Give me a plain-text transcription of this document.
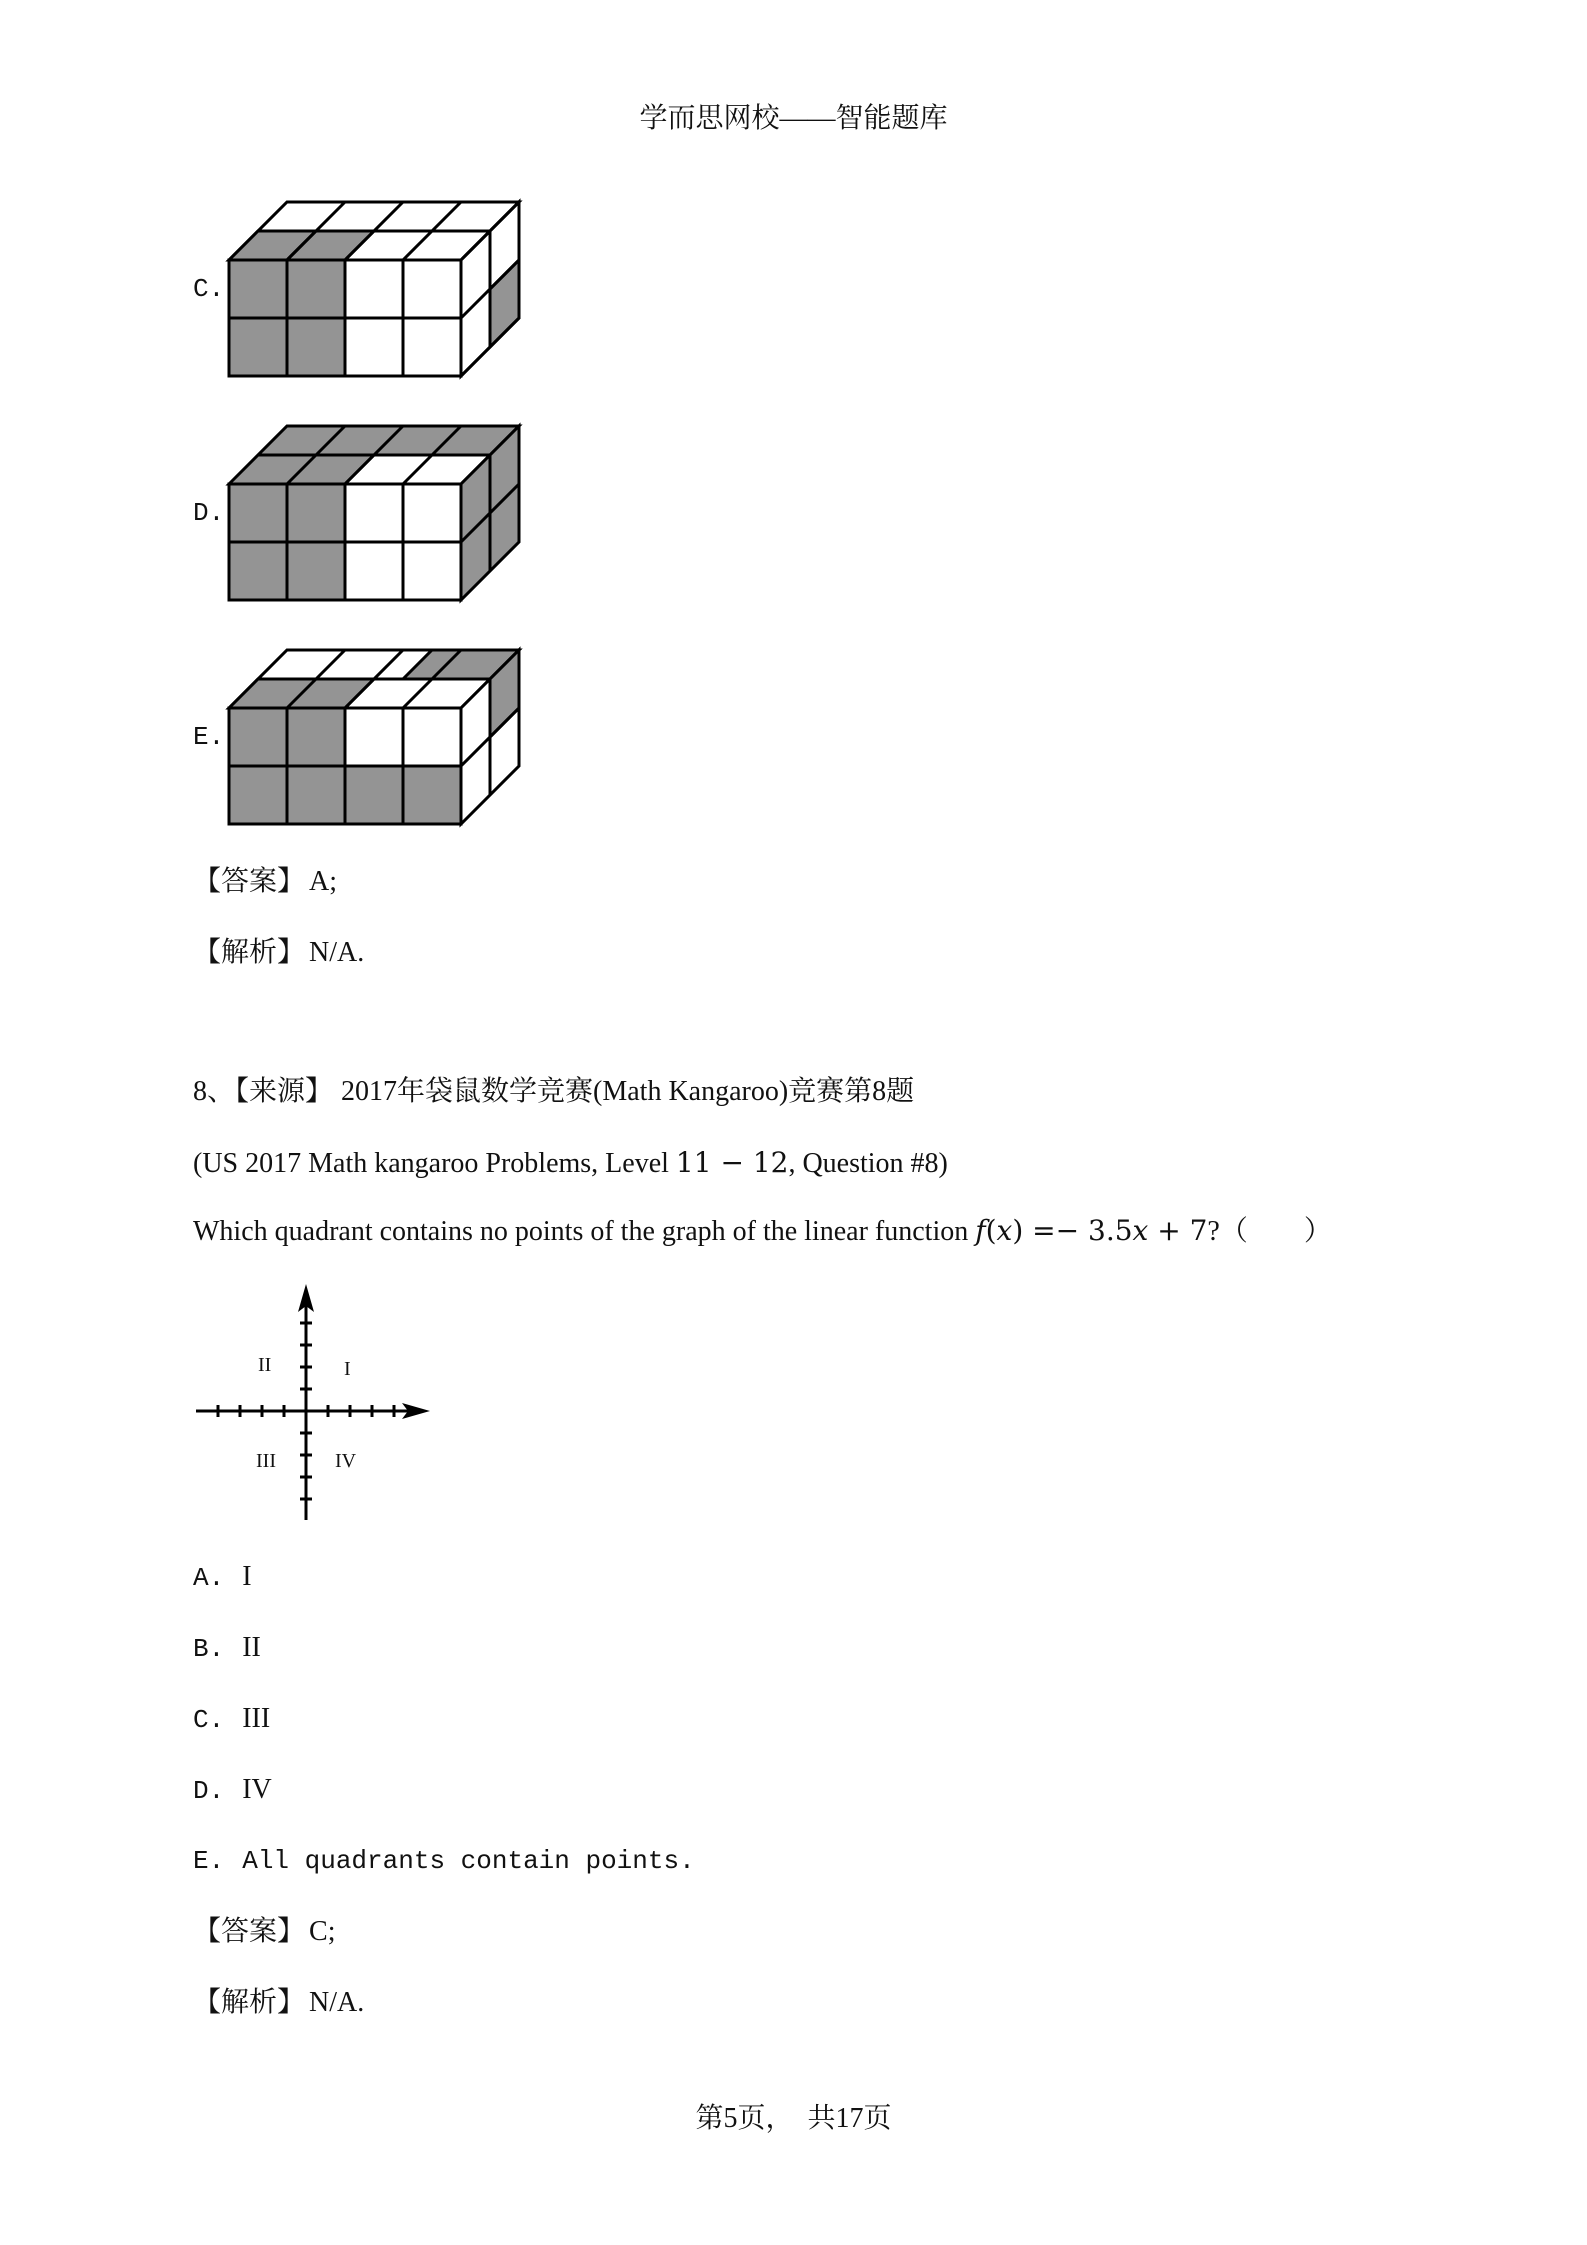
学而思网校——智能题库
C.
D.
E.
【答案】 A;
【解析】 N/A.
8、【来源】 2017年袋鼠数学竞赛(Math Kangaroo)竞赛第8题
(US 2017 Math kangaroo Problems, Level 11 − 12, Question #8)
Which quadrant contains no points of the graph of the linear function f(x) =− 3.5x + 7?（　　）
II	I
III	IV
A. I
B. II
C. III
D. IV
E. All quadrants contain points.
【答案】 C;
【解析】 N/A.
第5页，　共17页
